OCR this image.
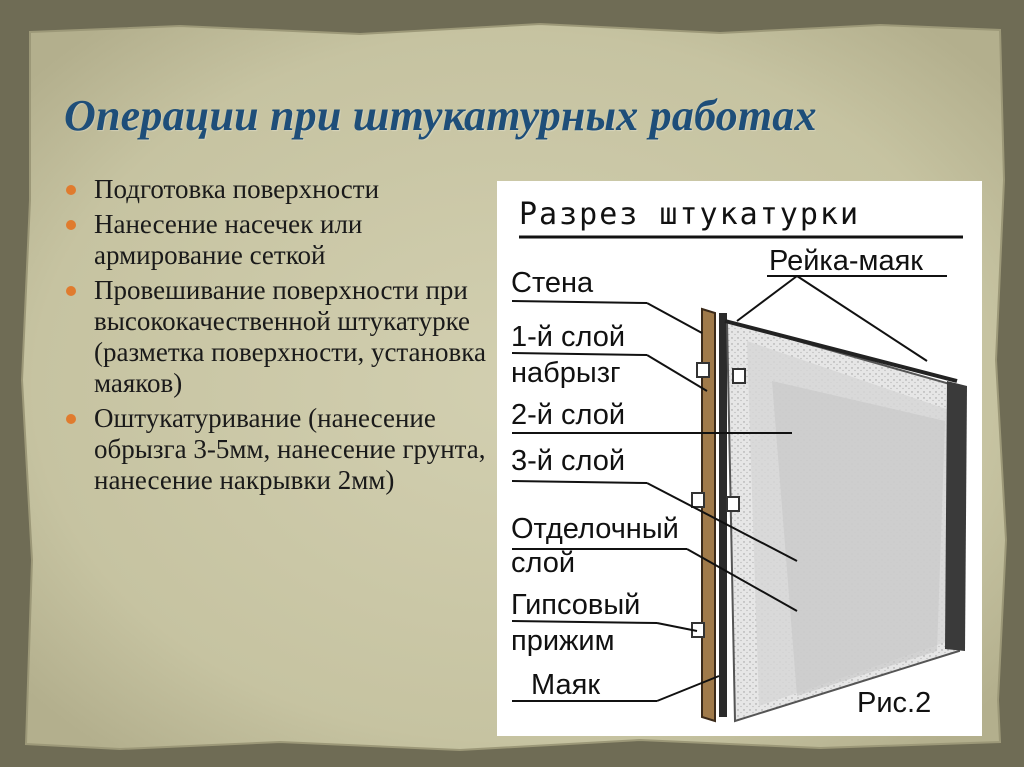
Операции при штукатурных работах
Подготовка поверхности
Нанесение насечек или армирование сеткой
Провешивание поверхности при высококачественной штукатурке (разметка поверхности, установка маяков)
Оштукатуривание (нанесение обрызга 3-5мм, нанесение грунта, нанесение накрывки 2мм)

Разрез штукатурки

Стена

1-й слой

набрызг

2-й слой

3-й слой

Отделочный

слой

Гипсовый

прижим

Маяк

Рейка-маяк

Рис.2
